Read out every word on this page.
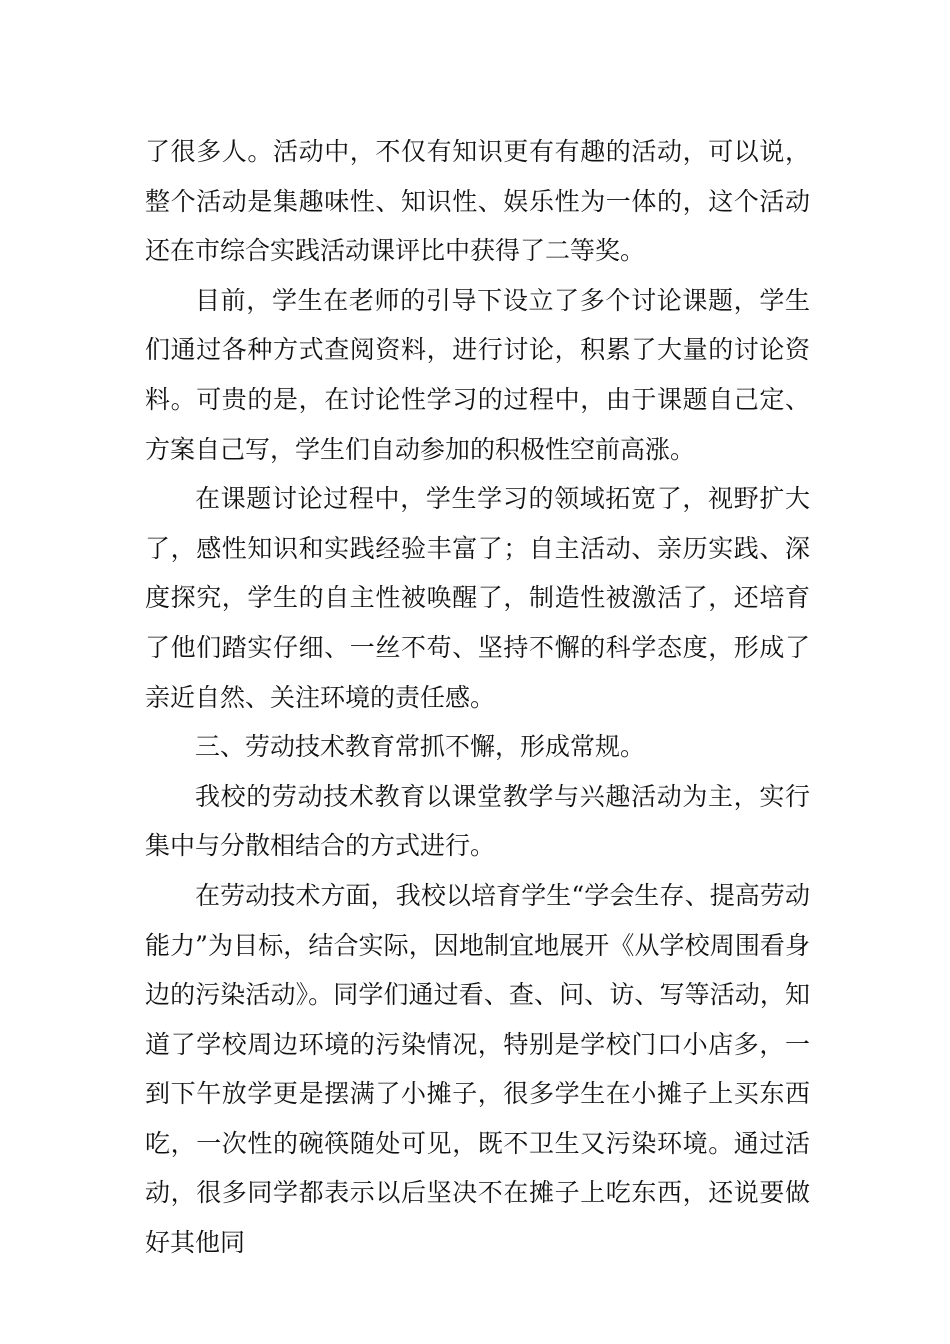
了很多人。活动中，不仅有知识更有有趣的活动，可以说，整个活动是集趣味性、知识性、娱乐性为一体的，这个活动还在市综合实践活动课评比中获得了二等奖。

目前，学生在老师的引导下设立了多个讨论课题，学生们通过各种方式查阅资料，进行讨论，积累了大量的讨论资料。可贵的是，在讨论性学习的过程中，由于课题自己定、方案自己写，学生们自动参加的积极性空前高涨。

在课题讨论过程中，学生学习的领域拓宽了，视野扩大了，感性知识和实践经验丰富了；自主活动、亲历实践、深度探究，学生的自主性被唤醒了，制造性被激活了，还培育了他们踏实仔细、一丝不苟、坚持不懈的科学态度，形成了亲近自然、关注环境的责任感。

三、劳动技术教育常抓不懈，形成常规。

我校的劳动技术教育以课堂教学与兴趣活动为主，实行集中与分散相结合的方式进行。

在劳动技术方面，我校以培育学生“学会生存、提高劳动能力”为目标，结合实际，因地制宜地展开《从学校周围看身边的污染活动》。同学们通过看、查、问、访、写等活动，知道了学校周边环境的污染情况，特别是学校门口小店多，一到下午放学更是摆满了小摊子，很多学生在小摊子上买东西吃，一次性的碗筷随处可见，既不卫生又污染环境。通过活动，很多同学都表示以后坚决不在摊子上吃东西，还说要做好其他同
